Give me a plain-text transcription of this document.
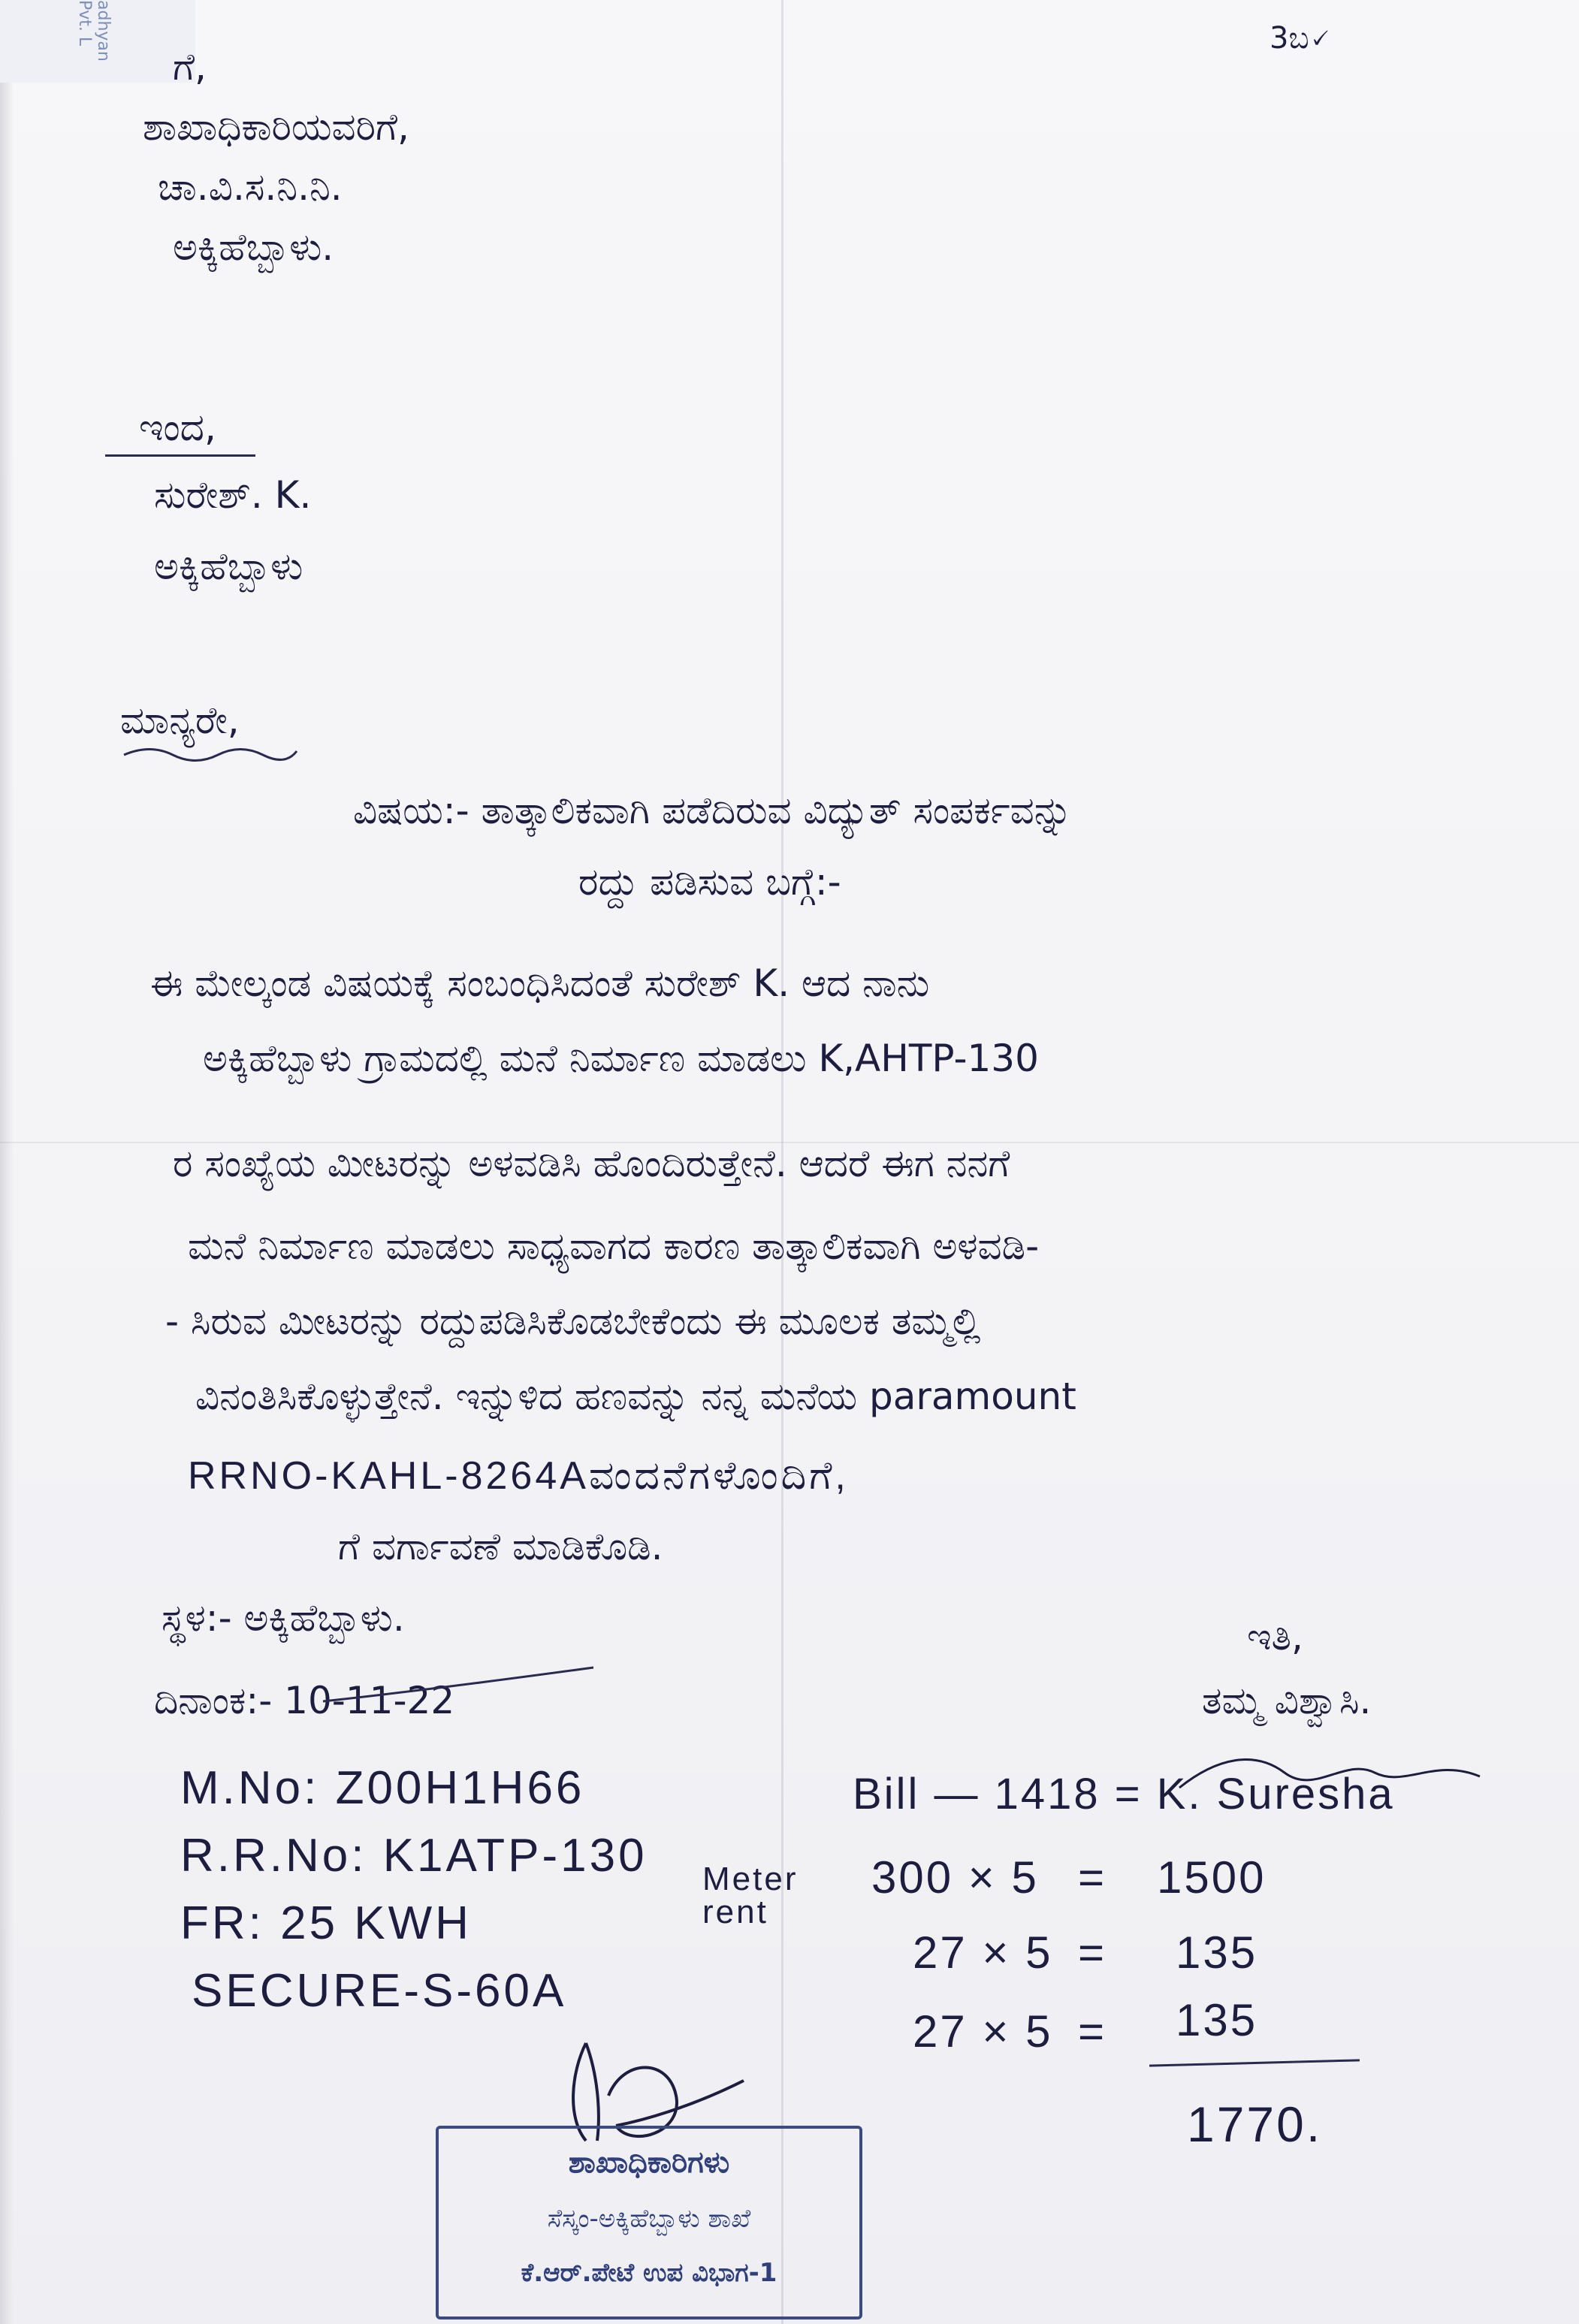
adhyan Pvt. L	3ಬ🗸
ಗೆ,
ಶಾಖಾಧಿಕಾರಿಯವರಿಗೆ,
ಚಾ.ವಿ.ಸ.ನಿ.ನಿ.
ಅಕ್ಕಿಹೆಬ್ಬಾಳು.
ಇಂದ,
ಸುರೇಶ್. K.
ಅಕ್ಕಿಹೆಬ್ಬಾಳು
ಮಾನ್ಯರೇ,
ವಿಷಯ:- ತಾತ್ಕಾಲಿಕವಾಗಿ ಪಡೆದಿರುವ ವಿದ್ಯುತ್ ಸಂಪರ್ಕವನ್ನು
ರದ್ದು ಪಡಿಸುವ ಬಗ್ಗೆ:-
ಈ ಮೇಲ್ಕಂಡ ವಿಷಯಕ್ಕೆ ಸಂಬಂಧಿಸಿದಂತೆ ಸುರೇಶ್ K. ಆದ ನಾನು
ಅಕ್ಕಿಹೆಬ್ಬಾಳು ಗ್ರಾಮದಲ್ಲಿ ಮನೆ ನಿರ್ಮಾಣ ಮಾಡಲು K,AHTP-130
ರ ಸಂಖ್ಯೆಯ ಮೀಟರನ್ನು ಅಳವಡಿಸಿ ಹೊಂದಿರುತ್ತೇನೆ. ಆದರೆ ಈಗ ನನಗೆ
ಮನೆ ನಿರ್ಮಾಣ ಮಾಡಲು ಸಾಧ್ಯವಾಗದ ಕಾರಣ ತಾತ್ಕಾಲಿಕವಾಗಿ ಅಳವಡಿ-
- ಸಿರುವ ಮೀಟರನ್ನು ರದ್ದುಪಡಿಸಿಕೊಡಬೇಕೆಂದು ಈ ಮೂಲಕ ತಮ್ಮಲ್ಲಿ
ವಿನಂತಿಸಿಕೊಳ್ಳುತ್ತೇನೆ. ಇನ್ನುಳಿದ ಹಣವನ್ನು ನನ್ನ ಮನೆಯ paramount
RRNO-KAHL-8264Aವಂದನೆಗಳೊಂದಿಗೆ,
ಗೆ ವರ್ಗಾವಣೆ ಮಾಡಿಕೊಡಿ.
ಸ್ಥಳ:- ಅಕ್ಕಿಹೆಬ್ಬಾಳು.
ದಿನಾಂಕ:- 10-11-22
ಇತಿ,
ತಮ್ಮ ವಿಶ್ವಾಸಿ.
M.No: Z00H1H66
R.R.No: K1ATP-130
FR: 25 KWH
SECURE-S-60A
Meter rent
Bill — 1418 = K. Suresha
300 × 5 = 1500
27 × 5 = 135
27 × 5 = 135
1770.
ಶಾಖಾಧಿಕಾರಿಗಳು
ಸೆಸ್ಕಂ-ಅಕ್ಕಿಹೆಬ್ಬಾಳು ಶಾಖೆ
ಕೆ.ಆರ್.ಪೇಟೆ ಉಪ ವಿಭಾಗ-1
